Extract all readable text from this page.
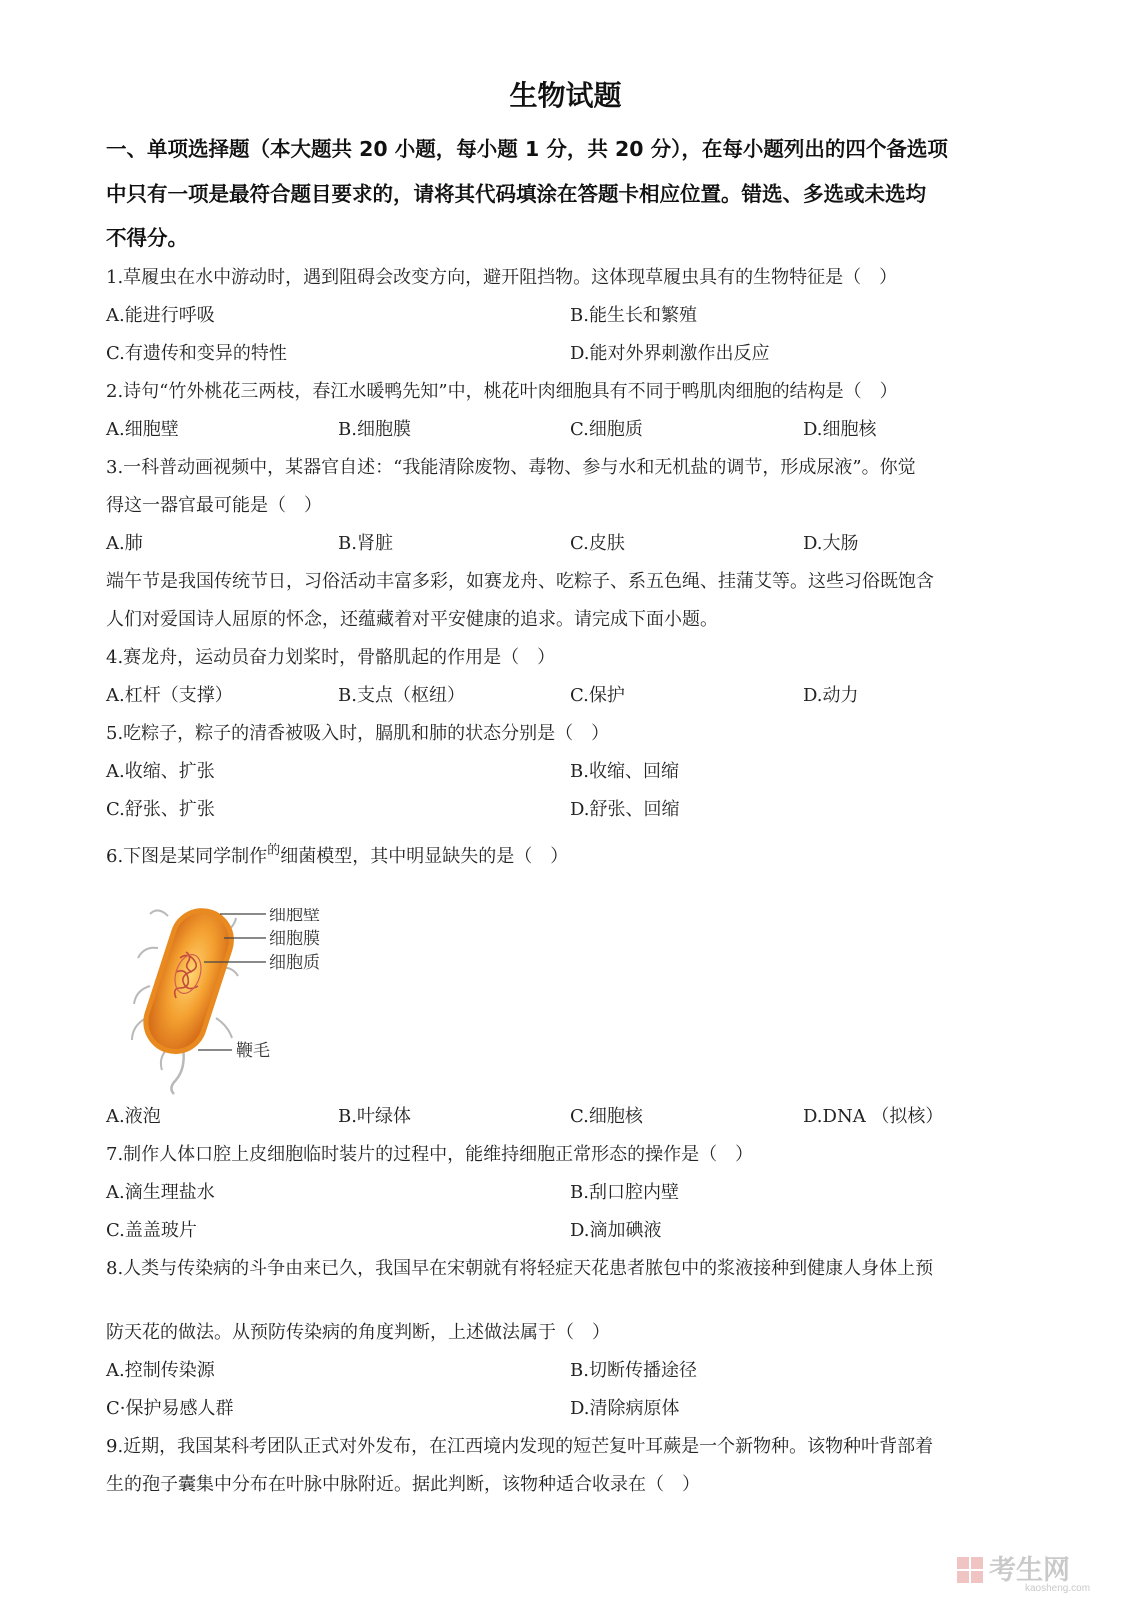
生物试题
一、单项选择题（本大题共 20 小题，每小题 1 分，共 20 分），在每小题列出的四个备选项
中只有一项是最符合题目要求的，请将其代码填涂在答题卡相应位置。错选、多选或未选均
不得分。
1.草履虫在水中游动时，遇到阻碍会改变方向，避开阻挡物。这体现草履虫具有的生物特征是（　）
A.能进行呼吸	B.能生长和繁殖
C.有遗传和变异的特性	D.能对外界刺激作出反应
2.诗句“竹外桃花三两枝，春江水暖鸭先知”中，桃花叶肉细胞具有不同于鸭肌肉细胞的结构是（　）
A.细胞壁	B.细胞膜	C.细胞质	D.细胞核
3.一科普动画视频中，某器官自述：“我能清除废物、毒物、参与水和无机盐的调节，形成尿液”。你觉
得这一器官最可能是（　）
A.肺	B.肾脏	C.皮肤	D.大肠
端午节是我国传统节日，习俗活动丰富多彩，如赛龙舟、吃粽子、系五色绳、挂蒲艾等。这些习俗既饱含
人们对爱国诗人屈原的怀念，还蕴藏着对平安健康的追求。请完成下面小题。
4.赛龙舟，运动员奋力划桨时，骨骼肌起的作用是（　）
A.杠杆（支撑）	B.支点（枢纽）	C.保护	D.动力
5.吃粽子，粽子的清香被吸入时，膈肌和肺的状态分别是（　）
A.收缩、扩张	B.收缩、回缩
C.舒张、扩张	D.舒张、回缩
6.下图是某同学制作$^的$细菌模型，其中明显缺失的是（　）
细胞壁
细胞膜
细胞质
鞭毛
A.液泡	B.叶绿体	C.细胞核	D.DNA （拟核）
7.制作人体口腔上皮细胞临时装片的过程中，能维持细胞正常形态的操作是（　）
A.滴生理盐水	B.刮口腔内壁
C.盖盖玻片	D.滴加碘液
8.人类与传染病的斗争由来已久，我国早在宋朝就有将轻症天花患者脓包中的浆液接种到健康人身体上预
防天花的做法。从预防传染病的角度判断，上述做法属于（　）
A.控制传染源	B.切断传播途径
C·保护易感人群	D.清除病原体
9.近期，我国某科考团队正式对外发布，在江西境内发现的短芒复叶耳蕨是一个新物种。该物种叶背部着
生的孢子囊集中分布在叶脉中脉附近。据此判断，该物种适合收录在（　）
考生网
kaosheng.com
